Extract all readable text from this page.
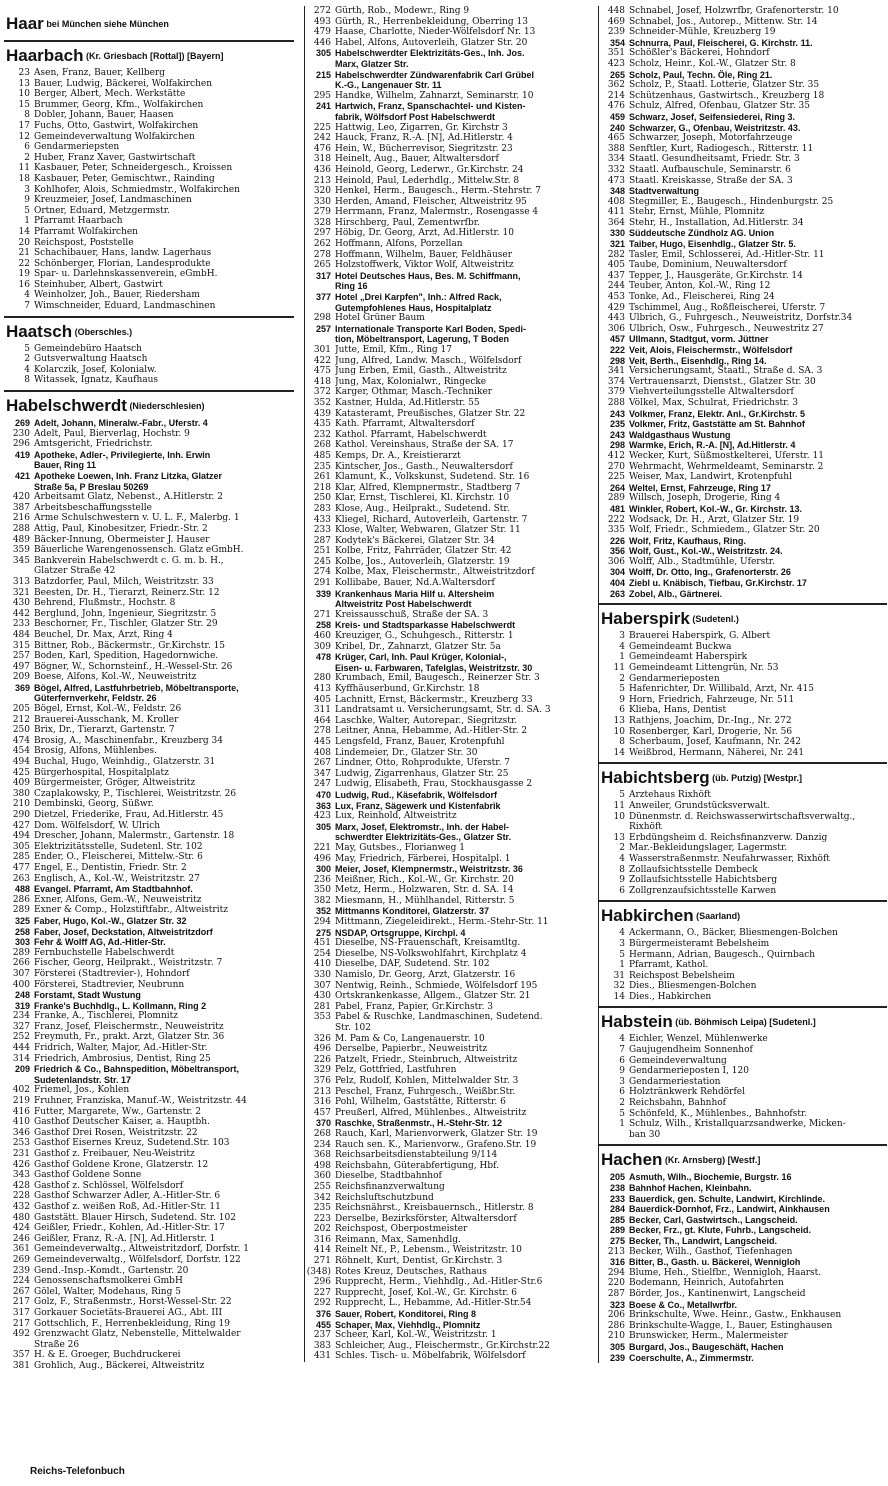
Haar $^{bei München}$ $^{siehe München}$
Haarbach $^{(Kr. Griesbach [Rottal]) [Bayern]}$
23 Asen, Franz, Bauer, Kellberg
13 Bauer, Ludwig, Bäckerei, Wolfakirchen
10 Berger, Albert, Mech. Werkstätte
15 Brummer, Georg, Kfm., Wolfakirchen
8 Dobler, Johann, Bauer, Haasen
17 Fuchs, Otto, Gastwirt, Wolfakirchen
12 Gemeindeverwaltung Wolfakirchen
6 Gendarmeriepsten
2 Huber, Franz Xaver, Gastwirtschaft
11 Kasbauer, Peter, Schneidergesch., Kroissen
18 Kasbauer, Peter, Gemischtwr., Rainding
3 Kohlhofer, Alois, Schmiedmstr., Wolfakirchen
9 Kreuzmeier, Josef, Landmaschinen
5 Ortner, Eduard, Metzgermstr.
1 Pfarramt Haarbach
14 Pfarramt Wolfakirchen
20 Reichspost, Poststelle
21 Schachibauer, Hans, landw. Lagerhaus
22 Schönberger, Florian, Landesprodukte
19 Spar- u. Darlehnskassenverein, eGmbH.
16 Steinhuber, Albert, Gastwirt
4 Weinholzer, Joh., Bauer, Riedersham
7 Wimschneider, Eduard, Landmaschinen
Haatsch $^{(Oberschles.)}$
5 Gemeindebüro Haatsch
2 Gutsverwaltung Haatsch
4 Kolarczik, Josef, Kolonialw.
8 Witassek, Ignatz, Kaufhaus
Habelschwerdt $^{(Niederschlesien)}$
269 Adelt, Johann, Mineralw.-Fabr., Uferstr. 4
230 Adelt, Paul, Bierverlag, Hochstr. 9
296 Amtsgericht, Friedrichstr.
419 Apotheke, Adler-, Privilegierte, Inh. Erwin
Bauer, Ring 11
421 Apotheke Loewen, Inh. Franz Litzka, Glatzer
Straße 5a, P Breslau 50269
420 Arbeitsamt Glatz, Nebenst., A.Hitlerstr. 2
387 Arbeitsbeschaffungsstelle
216 Arme Schulschwestern v. U. L. F., Malerbg. 1
288 Attig, Paul, Kinobesitzer, Friedr.-Str. 2
489 Bäcker-Innung, Obermeister J. Hauser
359 Bäuerliche Warengenossensch. Glatz eGmbH.
345 Bankverein Habelschwerdt c. G. m. b. H.,
Glatzer Straße 42
313 Batzdorfer, Paul, Milch, Weistritzstr. 33
321 Beesten, Dr. H., Tierarzt, Reinerz.Str. 12
430 Behrend, Flußmstr., Hochstr. 8
442 Berglund, John, Ingenieur, Siegritzstr. 5
233 Beschorner, Fr., Tischler, Glatzer Str. 29
484 Beuchel, Dr. Max, Arzt, Ring 4
315 Bittner, Rob., Bäckermstr., Gr.Kirchstr. 15
257 Boden, Karl, Spedition, Hagedornwiche.
497 Bögner, W., Schornsteinf., H.-Wessel-Str. 26
209 Boese, Alfons, Kol.-W., Neuweistritz
369 Bögel, Alfred, Lastfuhrbetrieb, Möbeltransporte,
Güterfernverkehr, Feldstr. 26
205 Bögel, Ernst, Kol.-W., Feldstr. 26
212 Brauerei-Ausschank, M. Kroller
250 Brix, Dr., Tierarzt, Gartenstr. 7
474 Brosig, A., Maschinenfabr., Kreuzberg 34
454 Brosig, Alfons, Mühlenbes.
494 Buchal, Hugo, Weinhdig., Glatzerstr. 31
425 Bürgerhospital, Hospitalplatz
409 Bürgermeister, Gröger, Altweistritz
380 Czaplakowsky, P., Tischlerei, Weistritzstr. 26
210 Dembinski, Georg, Süßwr.
290 Dietzel, Friederike, Frau, Ad.Hitlerstr. 45
427 Dom. Wölfelsdorf, W. Ulrich
494 Drescher, Johann, Malermstr., Gartenstr. 18
305 Elektrizitätsstelle, Sudetenl. Str. 102
285 Ender, O., Fleischerei, Mittelw.-Str. 6
477 Engel, E., Dentistin, Friedr. Str. 2
263 Englisch, A., Kol.-W., Weistritzstr. 27
488 Evangel. Pfarramt, Am Stadtbahnhof.
286 Exner, Alfons, Gem.-W., Neuweistritz
289 Exner & Comp., Holzstiftfabr., Altweistritz
325 Faber, Hugo, Kol.-W., Glatzer Str. 32
258 Faber, Josef, Deckstation, Altweistritzdorf
303 Fehr & Wolff AG, Ad.-Hitler-Str.
289 Fernbuchstelle Habelschwerdt
266 Fischer, Georg, Heilprakt., Weistritzstr. 7
307 Försterei (Stadtrevier-), Hohndorf
400 Försterei, Stadtrevier, Neubrunn
248 Forstamt, Stadt Wustung
319 Franke's Buchhdlg., L. Kollmann, Ring 2
234 Franke, A., Tischlerei, Plomnitz
327 Franz, Josef, Fleischermstr., Neuweistritz
252 Freymuth, Fr., prakt. Arzt, Glatzer Str. 36
444 Fridrich, Walter, Major, Ad.-Hitler-Str.
314 Friedrich, Ambrosius, Dentist, Ring 25
209 Friedrich & Co., Bahnspedition, Möbeltransport,
Sudetenlandstr. Str. 17
402 Friemel, Jos., Kohlen
219 Fruhner, Franziska, Manuf.-W., Weistritzstr. 44
416 Futter, Margarete, Ww., Gartenstr. 2
410 Gasthof Deutscher Kaiser, a. Hauptbh.
346 Gasthof Drei Rosen, Weistritzstr. 22
253 Gasthof Eisernes Kreuz, Sudetend.Str. 103
231 Gasthof z. Freibauer, Neu-Weistritz
426 Gasthof Goldene Krone, Glatzerstr. 12
343 Gasthof Goldene Sonne
428 Gasthof z. Schlössel, Wölfelsdorf
228 Gasthof Schwarzer Adler, A.-Hitler-Str. 6
432 Gasthof z. weißen Roß, Ad.-Hitler-Str. 11
480 Gaststätt. Blauer Hirsch, Sudetend. Str. 102
424 Geißler, Friedr., Kohlen, Ad.-Hitler-Str. 17
246 Geißler, Franz, R.-A. [N], Ad.Hitlerstr. 1
361 Gemeindeverwaltg., Altweistritzdorf, Dorfstr. 1
269 Gemeindeverwaltg., Wölfelsdorf, Dorfstr. 122
239 Gend.-Insp.-Komdt., Gartenstr. 20
224 Genossenschaftsmolkerei GmbH
267 Gölel, Walter, Modehaus, Ring 5
217 Golz, F., Straßenmstr., Horst-Wessel-Str. 22
317 Gorkauer Societäts-Brauerei AG., Abt. III
217 Gottschlich, F., Herrenbekleidung, Ring 19
492 Grenzwacht Glatz, Nebenstelle, Mittelwalder
Straße 26
357 H. & E. Groeger, Buchdruckerei
381 Grohlich, Aug., Bäckerei, Altweistritz
272 Gürth, Rob., Modewr., Ring 9
493 Gürth, R., Herrenbekleidung, Oberring 13
479 Haase, Charlotte, Nieder-Wölfelsdorf Nr. 13
446 Habel, Alfons, Autoverleih, Glatzer Str. 20
305 Habelschwerdter Elektrizitäts-Ges., Inh. Jos.
Marx, Glatzer Str.
215 Habelschwerdter Zündwarenfabrik Carl Grübel
K.-G., Langenauer Str. 11
295 Handke, Wilhelm, Zahnarzt, Seminarstr. 10
241 Hartwich, Franz, Spanschachtel- und Kisten-
fabrik, Wölfsdorf Post Habelschwerdt
225 Hattwig, Leo, Zigarren, Gr. Kirchstr 3
242 Hauck, Franz, R.-A. [N], Ad.Hitlerstr. 4
476 Hein, W., Bücherrevisor, Siegritzstr. 23
318 Heinelt, Aug., Bauer, Altwaltersdorf
436 Heinold, Georg, Lederwr., Gr.Kirchstr. 24
213 Heinold, Paul, Lederhdlg., Mittelw.Str. 8
320 Henkel, Herm., Baugesch., Herm.-Stehrstr. 7
330 Herden, Amand, Fleischer, Altweistritz 95
279 Herrmann, Franz, Malermstr., Rosengasse 4
328 Hirschberg, Paul, Zementwrfbr.
297 Höbig, Dr. Georg, Arzt, Ad.Hitlerstr. 10
262 Hoffmann, Alfons, Porzellan
278 Hoffmann, Wilhelm, Bauer, Feldhäuser
265 Holzstoffwerk, Viktor Wolf, Altweistritz
317 Hotel Deutsches Haus, Bes. M. Schiffmann,
Ring 16
377 Hotel „Drei Karpfen", Inh.: Alfred Rack,
Gutempfohlenes Haus, Hospitalplatz
298 Hotel Grüner Baum
257 Internationale Transporte Karl Boden, Spedi-
tion, Möbeltransport, Lagerung, T Boden
301 Jutte, Emil, Kfm., Ring 17
422 Jung, Alfred, Landw. Masch., Wölfelsdorf
475 Jung Erben, Emil, Gasth., Altweistritz
418 Jung, Max, Kolonialwr., Ringecke
372 Karger, Othmar, Masch.-Techniker
352 Kastner, Hulda, Ad.Hitlerstr. 55
439 Katasteramt, Preußisches, Glatzer Str. 22
435 Kath. Pfarramt, Altwaltersdorf
232 Kathol. Pfarramt, Habelschwerdt
268 Kathol. Vereinshaus, Straße der SA. 17
485 Kemps, Dr. A., Kreistierarzt
235 Kintscher, Jos., Gasth., Neuwaltersdorf
261 Klamunt, K., Volkskunst, Sudetend. Str. 16
218 Klar, Alfred, Klempnermstr., Stadtberg 7
250 Klar, Ernst, Tischlerei, Kl. Kirchstr. 10
283 Klose, Aug., Heilprakt., Sudetend. Str.
433 Kliegel, Richard, Autoverleih, Gartenstr. 7
233 Klose, Walter, Webwaren, Glatzer Str. 11
287 Kodytek's Bäckerei, Glatzer Str. 34
251 Kolbe, Fritz, Fahrräder, Glatzer Str. 42
245 Kolbe, Jos., Autoverleih, Glatzerstr. 19
274 Kolbe, Max, Fleischermstr., Altweistritzdorf
291 Kollibabe, Bauer, Nd.A.Waltersdorf
339 Krankenhaus Maria Hilf u. Altersheim
Altweistritz Post Habelschwerdt
271 Kreissausschuß, Straße der SA. 3
258 Kreis- und Stadtsparkasse Habelschwerdt
460 Kreuziger, G., Schuhgesch., Ritterstr. 1
309 Kribel, Dr., Zahnarzt, Glatzer Str. 5a
478 Krüger, Carl, Inh. Paul Krüger, Kolonial-,
Eisen- u. Farbwaren, Tafelglas, Weistritzstr. 30
280 Krumbach, Emil, Baugesch., Reinerzer Str. 3
413 Kyffhäuserbund, Gr.Kirchstr. 18
405 Lachnitt, Ernst, Bäckermstr., Kreuzberg 33
311 Landratsamt u. Versicherungsamt, Str. d. SA. 3
464 Laschke, Walter, Autorepar., Siegritzstr.
278 Leitner, Anna, Hebamme, Ad.-Hitler-Str. 2
445 Lengsfeld, Franz, Bauer, Krotenpfuhl
408 Lindemeier, Dr., Glatzer Str. 30
267 Lindner, Otto, Rohprodukte, Uferstr. 7
347 Ludwig, Zigarrenhaus, Glatzer Str. 25
247 Ludwig, Elisabeth, Frau, Stockhausgasse 2
470 Ludwig, Rud., Käsefabrik, Wölfelsdorf
363 Lux, Franz, Sägewerk und Kistenfabrik
423 Lux, Reinhold, Altweistritz
305 Marx, Josef, Elektromstr., Inh. der Habel-
schwerdter Elektrizitäts-Ges., Glatzer Str.
221 May, Gutsbes., Florianweg 1
496 May, Friedrich, Färberei, Hospitalpl. 1
300 Meier, Josef, Klempnermstr., Weistritzstr. 36
236 Meißner, Rich., Kol.-W., Gr. Kirchstr. 20
350 Metz, Herm., Holzwaren, Str. d. SA. 14
382 Miesmann, H., Mühlhandel, Ritterstr. 5
352 Mittmanns Konditorei, Glatzerstr. 37
294 Mittmann, Ziegeleidirekt., Herm.-Stehr-Str. 11
275 NSDAP, Ortsgruppe, Kirchpl. 4
451 Dieselbe, NS-Frauenschaft, Kreisamtltg.
254 Dieselbe, NS-Volkswohlfahrt, Kirchplatz 4
410 Dieselbe, DAF, Sudetend. Str. 102
330 Namislo, Dr. Georg, Arzt, Glatzerstr. 16
307 Nentwig, Reinh., Schmiede, Wölfelsdorf 195
430 Ortskrankenkasse, Allgem., Glatzer Str. 21
281 Pabel, Franz, Papier, Gr.Kirchstr. 3
353 Pabel & Ruschke, Landmaschinen, Sudetend.
Str. 102
326 M. Pam & Co, Langenauerstr. 10
496 Derselbe, Papierbr., Neuweistritz
226 Patzelt, Friedr., Steinbruch, Altweistritz
329 Pelz, Gottfried, Lastfuhren
376 Pelz, Rudolf, Kohlen, Mittelwalder Str. 3
213 Peschel, Franz, Fuhrgesch., Weißbr.Str.
316 Pohl, Wilhelm, Gaststätte, Ritterstr. 6
457 Preußerl, Alfred, Mühlenbes., Altweistritz
370 Raschke, Straßenmstr., H.-Stehr-Str. 12
268 Rauch, Karl, Marienvorwerk, Glatzer Str. 19
234 Rauch sen. K., Marienvorw., Grafeno.Str. 19
368 Reichsarbeitsdienstabteilung 9/114
498 Reichsbahn, Güterabfertigung, Hbf.
360 Dieselbe, Stadtbahnhof
255 Reichsfinanzverwaltung
342 Reichsluftschutzbund
235 Reichsnährst., Kreisbauernsch., Hitlerstr. 8
223 Derselbe, Bezirksförster, Altwaltersdorf
202 Reichspost, Oberpostmeister
316 Reimann, Max, Samenhdlg.
414 Reinelt Nf., P., Lebensm., Weistritzstr. 10
271 Röhnelt, Kurt, Dentist, Gr.Kirchstr. 3
(348) Rotes Kreuz, Deutsches, Rathaus
296 Rupprecht, Herm., Viehhdlg., Ad.-Hitler-Str.6
227 Rupprecht, Josef, Kol.-W., Gr. Kirchstr. 6
292 Rupprecht, L., Hebamme, Ad.-Hitler-Str.54
376 Sauer, Robert, Konditorei, Ring 8
455 Schaper, Max, Viehhdlg., Plomnitz
237 Scheer, Karl, Kol.-W., Weistritzstr. 1
383 Schleicher, Aug., Fleischermstr., Gr.Kirchstr.22
431 Schles. Tisch- u. Möbelfabrik, Wölfelsdorf
448 Schnabel, Josef, Holzwrfbr, Grafenorterstr. 10
469 Schnabel, Jos., Autorep., Mittenw. Str. 14
239 Schneider-Mühle, Kreuzberg 19
354 Schnurra, Paul, Fleischerei, G. Kirchstr. 11.
351 Schößler's Bäckerei, Hohndorf
423 Scholz, Heinr., Kol.-W., Glatzer Str. 8
265 Scholz, Paul, Techn. Öle, Ring 21.
362 Scholz, P., Staatl. Lotterie, Glatzer Str. 35
214 Schützenhaus, Gastwirtsch., Kreuzberg 18
476 Schulz, Alfred, Ofenbau, Glatzer Str. 35
459 Schwarz, Josef, Seifensiederei, Ring 3.
240 Schwarzer, G., Ofenbau, Weistritzstr. 43.
465 Schwarzer, Joseph, Motorfahrzeuge
388 Senftler, Kurt, Radiogesch., Ritterstr. 11
334 Staatl. Gesundheitsamt, Friedr. Str. 3
332 Staatl. Aufbauschule, Seminarstr. 6
473 Staatl. Kreiskasse, Straße der SA. 3
348 Stadtverwaltung
408 Stegmiller, E., Baugesch., Hindenburgstr. 25
411 Stehr, Ernst, Mühle, Plomnitz
364 Stehr, H., Installation, Ad.Hitlerstr. 34
330 Süddeutsche Zündholz AG. Union
321 Taiber, Hugo, Eisenhdlg., Glatzer Str. 5.
282 Tasler, Emil, Schlosserei, Ad.-Hitler-Str. 11
405 Taube, Dominium, Neuwaltersdorf
437 Tepper, J., Hausgeräte, Gr.Kirchstr. 14
244 Teuber, Anton, Kol.-W., Ring 12
453 Tonke, Ad., Fleischerei, Ring 24
429 Tschimmel, Aug., Roßfleischerei, Uferstr. 7
443 Ulbrich, G., Fuhrgesch., Neuweistritz, Dorfstr.34
306 Ulbrich, Osw., Fuhrgesch., Neuwestritz 27
457 Ullmann, Stadtgut, vorm. Jüttner
222 Veit, Alois, Fleischermstr., Wölfelsdorf
298 Veit, Berth., Eisenhdlg., Ring 14.
341 Versicherungsamt, Staatl., Straße d. SA. 3
374 Vertrauensarzt, Dienstst., Glatzer Str. 30
379 Viehverteilungsstelle Altwaltersdorf
288 Völkel, Max, Schulrat, Friedrichstr. 3
243 Volkmer, Franz, Elektr. Anl., Gr.Kirchstr. 5
235 Volkmer, Fritz, Gaststätte am St. Bahnhof
243 Waldgasthaus Wustung
298 Warmke, Erich, R.-A. [N], Ad.Hitlerstr. 4
412 Wecker, Kurt, Süßmostkelterei, Uferstr. 11
270 Wehrmacht, Wehrmeldeamt, Seminarstr. 2
225 Weiser, Max, Landwirt, Krotenpfuhl
264 Weltel, Ernst, Fahrzeuge, Ring 17
289 Willsch, Joseph, Drogerie, Ring 4
481 Winkler, Robert, Kol.-W., Gr. Kirchstr. 13.
222 Wodsack, Dr. H., Arzt, Glatzer Str. 19
335 Wolf, Friedr., Schmiedem., Glatzer Str. 20
226 Wolf, Fritz, Kaufhaus, Ring.
356 Wolf, Gust., Kol.-W., Weistritzstr. 24.
306 Wolff, Alb., Stadtmühle, Uferstr.
304 Wolff, Dr. Otto, Ing., Grafenorterstr. 26
404 Ziebl u. Knäbisch, Tiefbau, Gr.Kirchstr. 17
263 Zobel, Alb., Gärtnerei.
Haberspirk $^{(Sudetenl.)}$
3 Brauerei Haberspirk, G. Albert
4 Gemeindeamt Buckwa
1 Gemeindeamt Haberspirk
11 Gemeindeamt Littengrün, Nr. 53
2 Gendarmerieposten
5 Hafenrichter, Dr. Willibald, Arzt, Nr. 415
9 Horn, Friedrich, Fahrzeuge, Nr. 511
6 Klieba, Hans, Dentist
13 Rathjens, Joachim, Dr.-Ing., Nr. 272
10 Rosenberger, Karl, Drogerie, Nr. 56
8 Scherbaum, Josef, Kaufmann, Nr. 242
14 Weißbrod, Hermann, Näherei, Nr. 241
Habichtsberg $^{(üb. Putzig) [Westpr.]}$
5 Ärztehaus Rixhöft
11 Anweiler, Grundstücksverwalt.
10 Dünenmstr. d. Reichswasserwirtschaftsverwaltg.,
Rixhöft
13 Erbdüngsheim d. Reichsfinanzverw. Danzig
2 Mar.-Bekleidungslager, Lagermstr.
4 Wasserstraßenmstr. Neufahrwasser, Rixhöft
8 Zollaufsichtsstelle Dembeck
9 Zollaufsichtsstelle Habichtsberg
6 Zollgrenzaufsichtsstelle Karwen
Habkirchen $^{(Saarland)}$
4 Ackermann, O., Bäcker, Bliesmengen-Bolchen
3 Bürgermeisteramt Bebelsheim
5 Hermann, Adrian, Baugesch., Quirnbach
1 Pfarramt, Kathol.
31 Reichspost Bebelsheim
32 Dies., Bliesmengen-Bolchen
14 Dies., Habkirchen
Habstein $^{(üb. Böhmisch Leipa) [Sudetenl.]}$
4 Eichler, Wenzel, Mühlenwerke
7 Gaujugendheim Sonnenhof
6 Gemeindeverwaltung
9 Gendarmerieposten I, 120
3 Gendarmeriestation
6 Holztränkwerk Rehdörfel
2 Reichsbahn, Bahnhof
5 Schönfeld, K., Mühlenbes., Bahnhofstr.
1 Schulz, Wilh., Kristallquarzsandwerke, Micken-
ban 30
Hachen $^{(Kr. Arnsberg) [Westf.]}$
205 Asmuth, Wilh., Biochemie, Burgstr. 16
238 Bahnhof Hachen, Kleinbahn.
233 Bauerdick, gen. Schulte, Landwirt, Kirchlinde.
284 Bauerdick-Dornhof, Frz., Landwirt, Ainkhausen
285 Becker, Carl, Gastwirtsch., Langscheid.
289 Becker, Frz., gt. Klute, Fuhrb., Langscheid.
275 Becker, Th., Landwirt, Langscheid.
213 Becker, Wilh., Gasthof, Tiefenhagen
316 Bitter, B., Gasth. u. Bäckerei, Wennigloh
294 Blume, Heh., Stielfbr., Wennigloh, Haarst.
220 Bodemann, Heinrich, Autofahrten
287 Börder, Jos., Kantinenwirt, Langscheid
323 Boese & Co., Metallwrfbr.
206 Brinkschulte, Wwe. Heinr., Gastw., Enkhausen
286 Brinkschulte-Wagge, I., Bauer, Estinghausen
210 Brunswicker, Herm., Malermeister
305 Burgard, Jos., Baugeschäft, Hachen
239 Coerschulte, A., Zimmermstr.
Reichs-Telefonbuch
